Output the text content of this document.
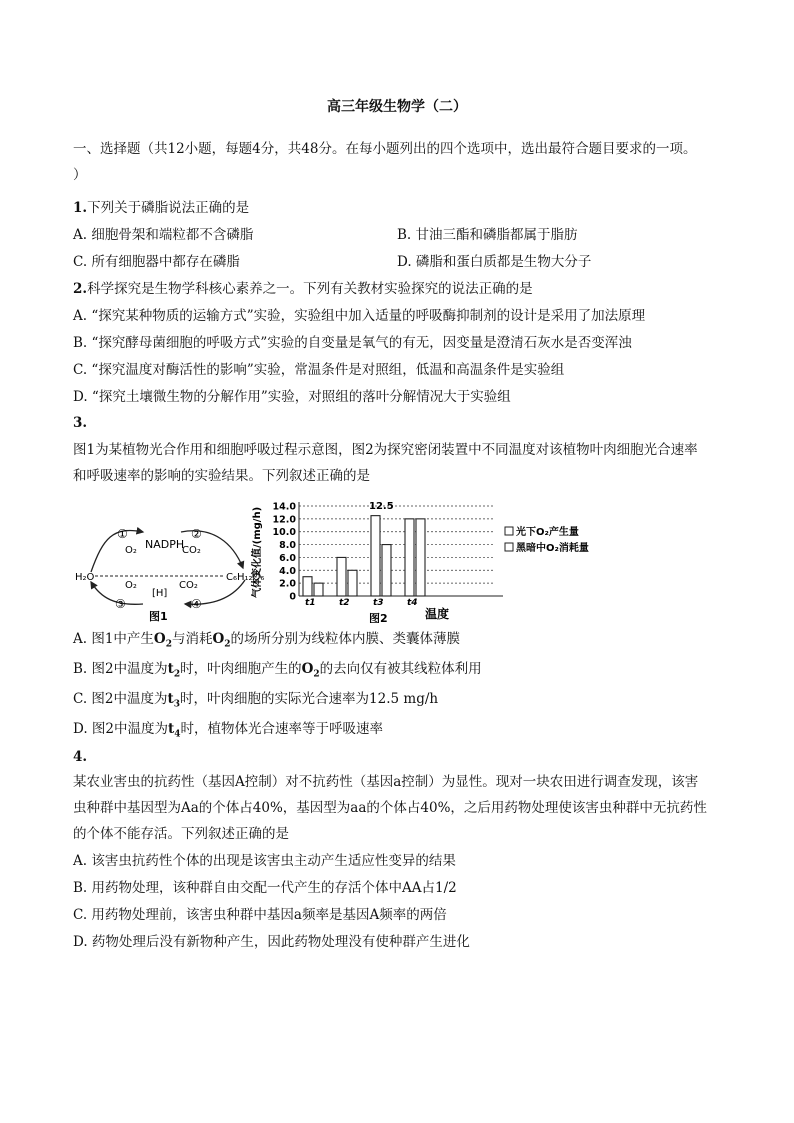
高三年级生物学（二）
一、选择题（共12小题，每题4分，共48分。在每小题列出的四个选项中，选出最符合题目要求的一项。
）
1.下列关于磷脂说法正确的是
A. 细胞骨架和端粒都不含磷脂	B. 甘油三酯和磷脂都属于脂肪
C. 所有细胞器中都存在磷脂	D. 磷脂和蛋白质都是生物大分子
2.科学探究是生物学科核心素养之一。下列有关教材实验探究的说法正确的是
A. “探究某种物质的运输方式”实验，实验组中加入适量的呼吸酶抑制剂的设计是采用了加法原理
B. “探究酵母菌细胞的呼吸方式”实验的自变量是氧气的有无，因变量是澄清石灰水是否变浑浊
C. “探究温度对酶活性的影响”实验，常温条件是对照组，低温和高温条件是实验组
D. “探究土壤微生物的分解作用”实验，对照组的落叶分解情况大于实验组
3.
图1为某植物光合作用和细胞呼吸过程示意图，图2为探究密闭装置中不同温度对该植物叶肉细胞光合速率
和呼吸速率的影响的实验结果。下列叙述正确的是
①
O₂ NADPH
②
CO₂
H₂O	C₆H₁₂O₆
O₂
[H]
CO₂
③	④
图1
气体变化值/(mg/h)
温度
图2
0
2.0
4.0
6.0
8.0
10.0
12.0
14.0
t1	t2	t3	t4
12.5
光下O₂产生量
黑暗中O₂消耗量
A. 图1中产生$O_2$与消耗$O_2$的场所分别为线粒体内膜、类囊体薄膜
B. 图2中温度为$t_2$时，叶肉细胞产生的$O_2$的去向仅有被其线粒体利用
C. 图2中温度为$t_3$时，叶肉细胞的实际光合速率为12.5 mg/h
D. 图2中温度为$t_4$时，植物体光合速率等于呼吸速率
4.
某农业害虫的抗药性（基因A控制）对不抗药性（基因a控制）为显性。现对一块农田进行调查发现，该害
虫种群中基因型为Aa的个体占40%，基因型为aa的个体占40%，之后用药物处理使该害虫种群中无抗药性
的个体不能存活。下列叙述正确的是
A. 该害虫抗药性个体的出现是该害虫主动产生适应性变异的结果
B. 用药物处理，该种群自由交配一代产生的存活个体中AA占1/2
C. 用药物处理前，该害虫种群中基因a频率是基因A频率的两倍
D. 药物处理后没有新物种产生，因此药物处理没有使种群产生进化
